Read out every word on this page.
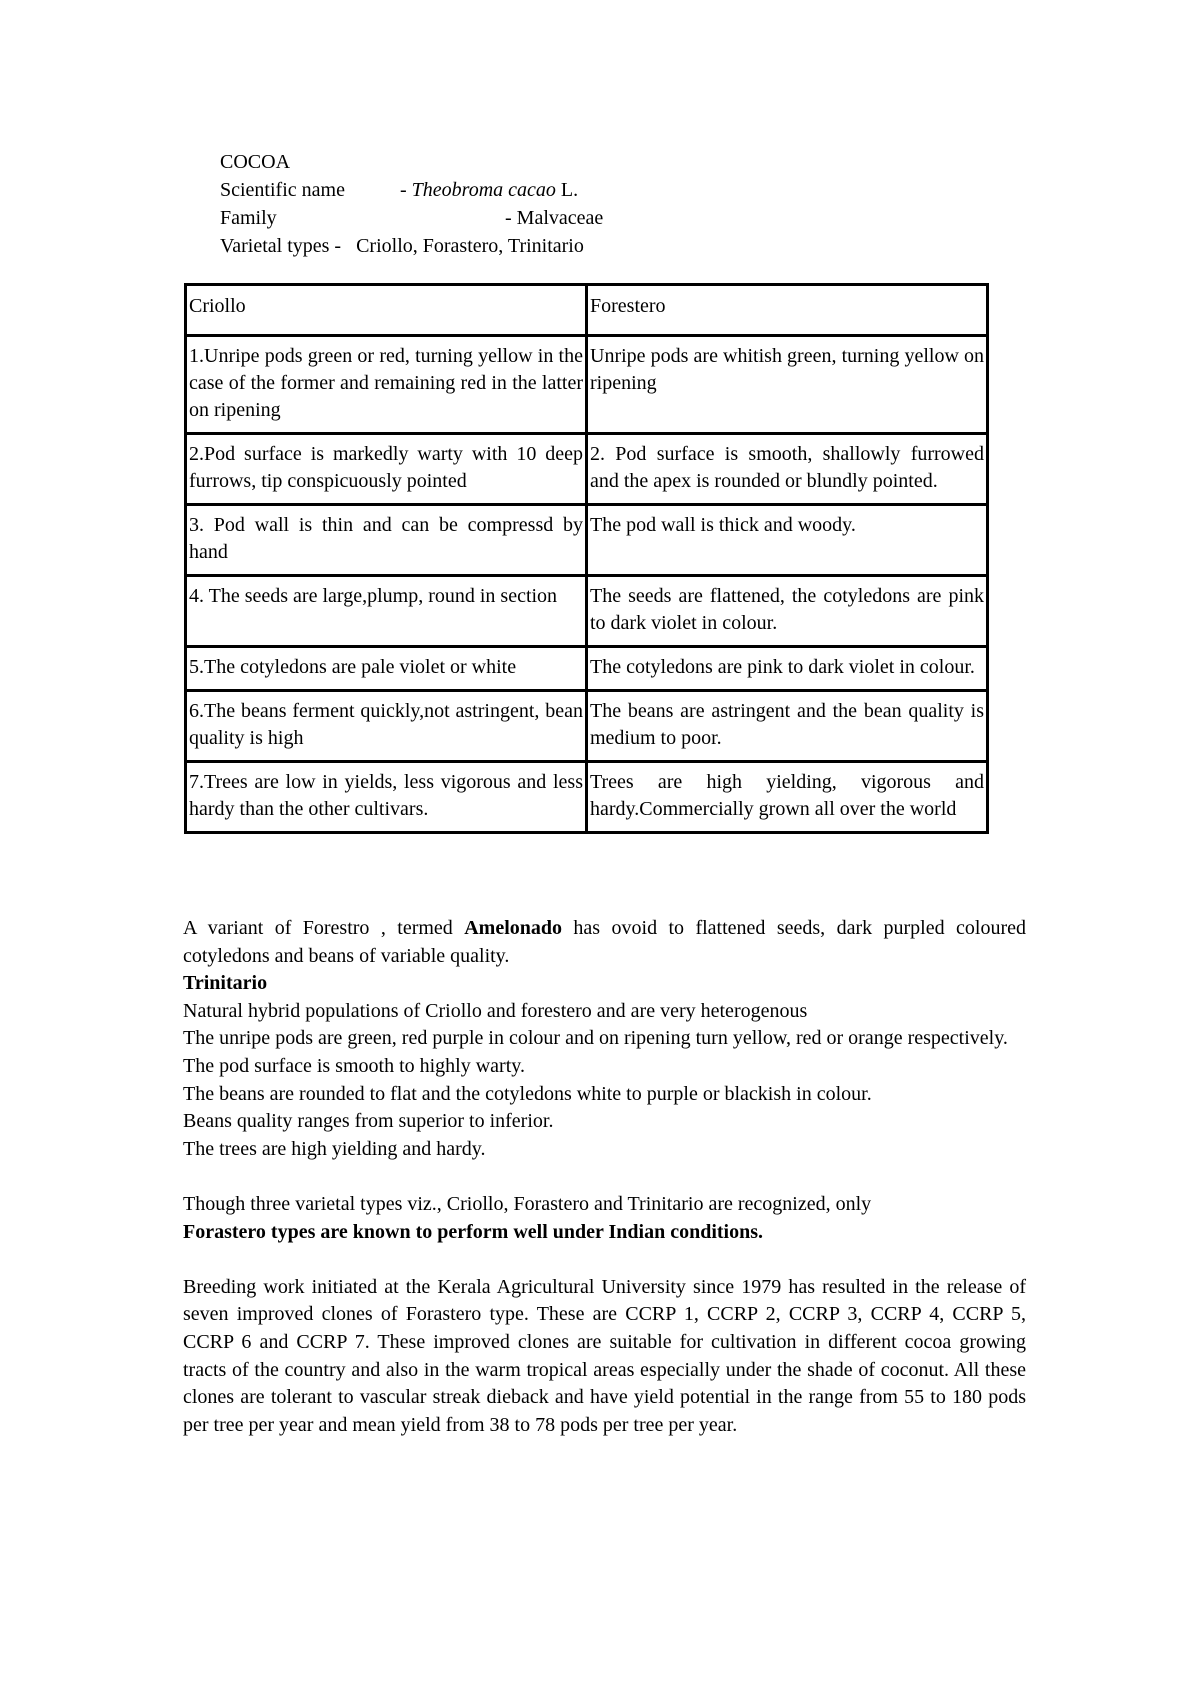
COCOA
Scientific name	- Theobroma cacao L.
Family	- Malvaceae
Varietal types - Criollo, Forastero, Trinitario
Criollo	Forestero
1.Unripe pods green or red, turning yellow in the case of the former and remaining red in the latter on ripening	Unripe pods are whitish green, turning yellow on ripening
2.Pod surface is markedly warty with 10 deep furrows, tip conspicuously pointed	2. Pod surface is smooth, shallowly furrowed and the apex is rounded or blundly pointed.
3. Pod wall is thin and can be compressd by hand	The pod wall is thick and woody.
4. The seeds are large,plump, round in section	The seeds are flattened, the cotyledons are pink to dark violet in colour.
5.The cotyledons are pale violet or white	The cotyledons are pink to dark violet in colour.
6.The beans ferment quickly,not astringent, bean quality is high	The beans are astringent and the bean quality is medium to poor.
7.Trees are low in yields, less vigorous and less hardy than the other cultivars.	Trees are high yielding, vigorous and hardy.Commercially grown all over the world

A variant of Forestro , termed Amelonado has ovoid to flattened seeds, dark purpled coloured cotyledons and beans of variable quality.

Trinitario

Natural hybrid populations of Criollo and forestero and are very heterogenous

The unripe pods are green, red purple in colour and on ripening turn yellow, red or orange respectively.

The pod surface is smooth to highly warty.

The beans are rounded to flat and the cotyledons white to purple or blackish in colour.

Beans quality ranges from superior to inferior.

The trees are high yielding and hardy.

Though three varietal types viz., Criollo, Forastero and Trinitario are recognized, only
Forastero types are known to perform well under Indian conditions.

Breeding work initiated at the Kerala Agricultural University since 1979 has resulted in the release of seven improved clones of Forastero type. These are CCRP 1, CCRP 2, CCRP 3, CCRP 4, CCRP 5, CCRP 6 and CCRP 7. These improved clones are suitable for cultivation in different cocoa growing tracts of the country and also in the warm tropical areas especially under the shade of coconut. All these clones are tolerant to vascular streak dieback and have yield potential in the range from 55 to 180 pods per tree per year and mean yield from 38 to 78 pods per tree per year.
